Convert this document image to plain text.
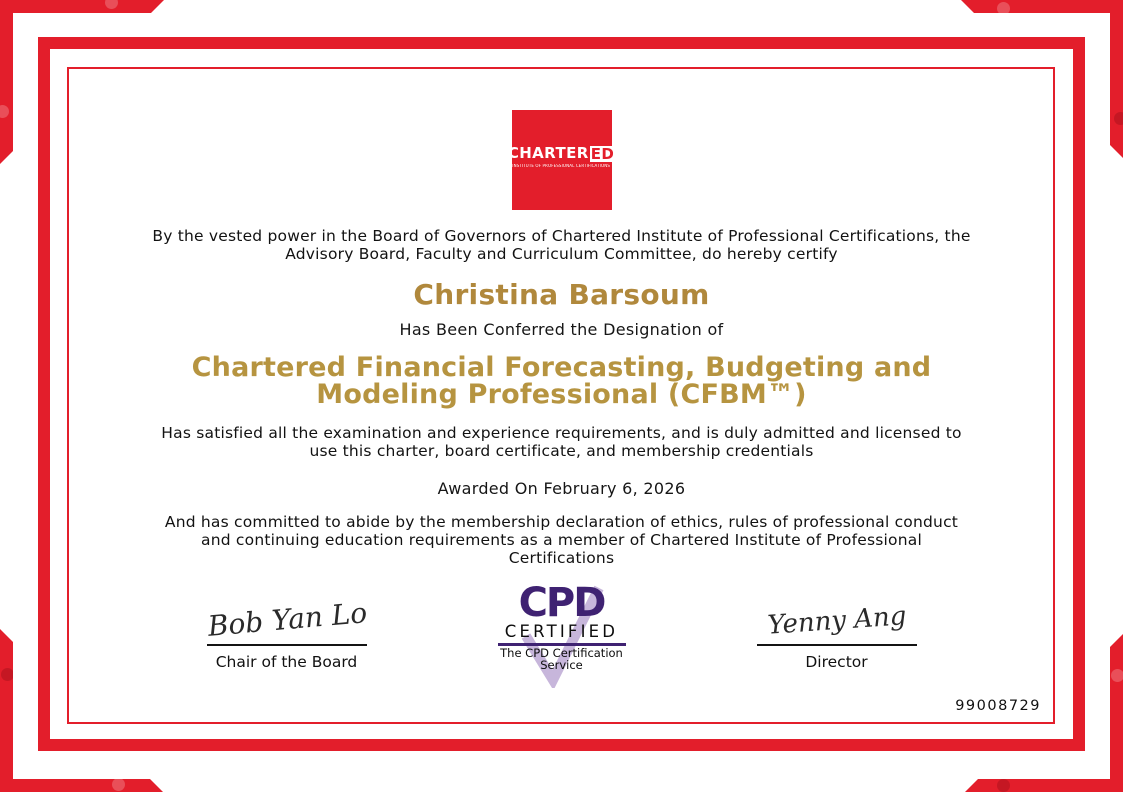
CHARTER ED
INSTITUTE OF PROFESSIONAL CERTIFICATIONS

By the vested power in the Board of Governors of Chartered Institute of Professional Certifications, the Advisory Board, Faculty and Curriculum Committee, do hereby certify

Christina Barsoum
Has Been Conferred the Designation of
Chartered Financial Forecasting, Budgeting and Modeling Professional (CFBM™)

Has satisfied all the examination and experience requirements, and is duly admitted and licensed to use this charter, board certificate, and membership credentials

Awarded On February 6, 2026

And has committed to abide by the membership declaration of ethics, rules of professional conduct and continuing education requirements as a member of Chartered Institute of Professional Certifications

Bob Yan Lo
Chair of the Board
CPD
CERTIFIED
The CPD Certification
Service
Yenny Ang
Director
99008729
